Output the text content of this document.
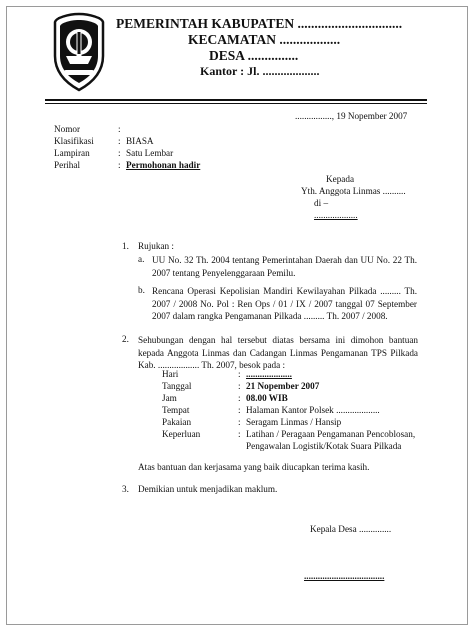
PEMERINTAH KABUPATEN ...............................
KECAMATAN ..................
DESA ...............
Kantor : Jl. ...................
................, 19 Nopember 2007
Nomor	:
Klasifikasi	: BIASA
Lampiran	: Satu Lembar
Perihal	: Permohonan hadir
Kepada
Yth. Anggota Linmas ..........
di –
...................
1. Rujukan :
a. UU No. 32 Th. 2004 tentang Pemerintahan Daerah dan UU No. 22 Th. 2007 tentang Penyelenggaraan Pemilu.
b. Rencana Operasi Kepolisian Mandiri Kewilayahan Pilkada ......... Th. 2007 / 2008 No. Pol : Ren Ops / 01 / IX / 2007 tanggal 07 September 2007 dalam rangka Pengamanan Pilkada ......... Th. 2007 / 2008.
2. Sehubungan dengan hal tersebut diatas bersama ini dimohon bantuan kepada Anggota Linmas dan Cadangan Linmas Pengamanan TPS Pilkada Kab. .................. Th. 2007, besok pada :
Hari	: ....................
Tanggal	: 21 Nopember 2007
Jam	: 08.00 WIB
Tempat	: Halaman Kantor Polsek ...................
Pakaian	: Seragam Linmas / Hansip
Keperluan	: Latihan / Peragaan Pengamanan Pencoblosan,
Pengawalan Logistik/Kotak Suara Pilkada
Atas bantuan dan kerjasama yang baik diucapkan terima kasih.
3. Demikian untuk menjadikan maklum.
Kepala Desa ..............
...................................
